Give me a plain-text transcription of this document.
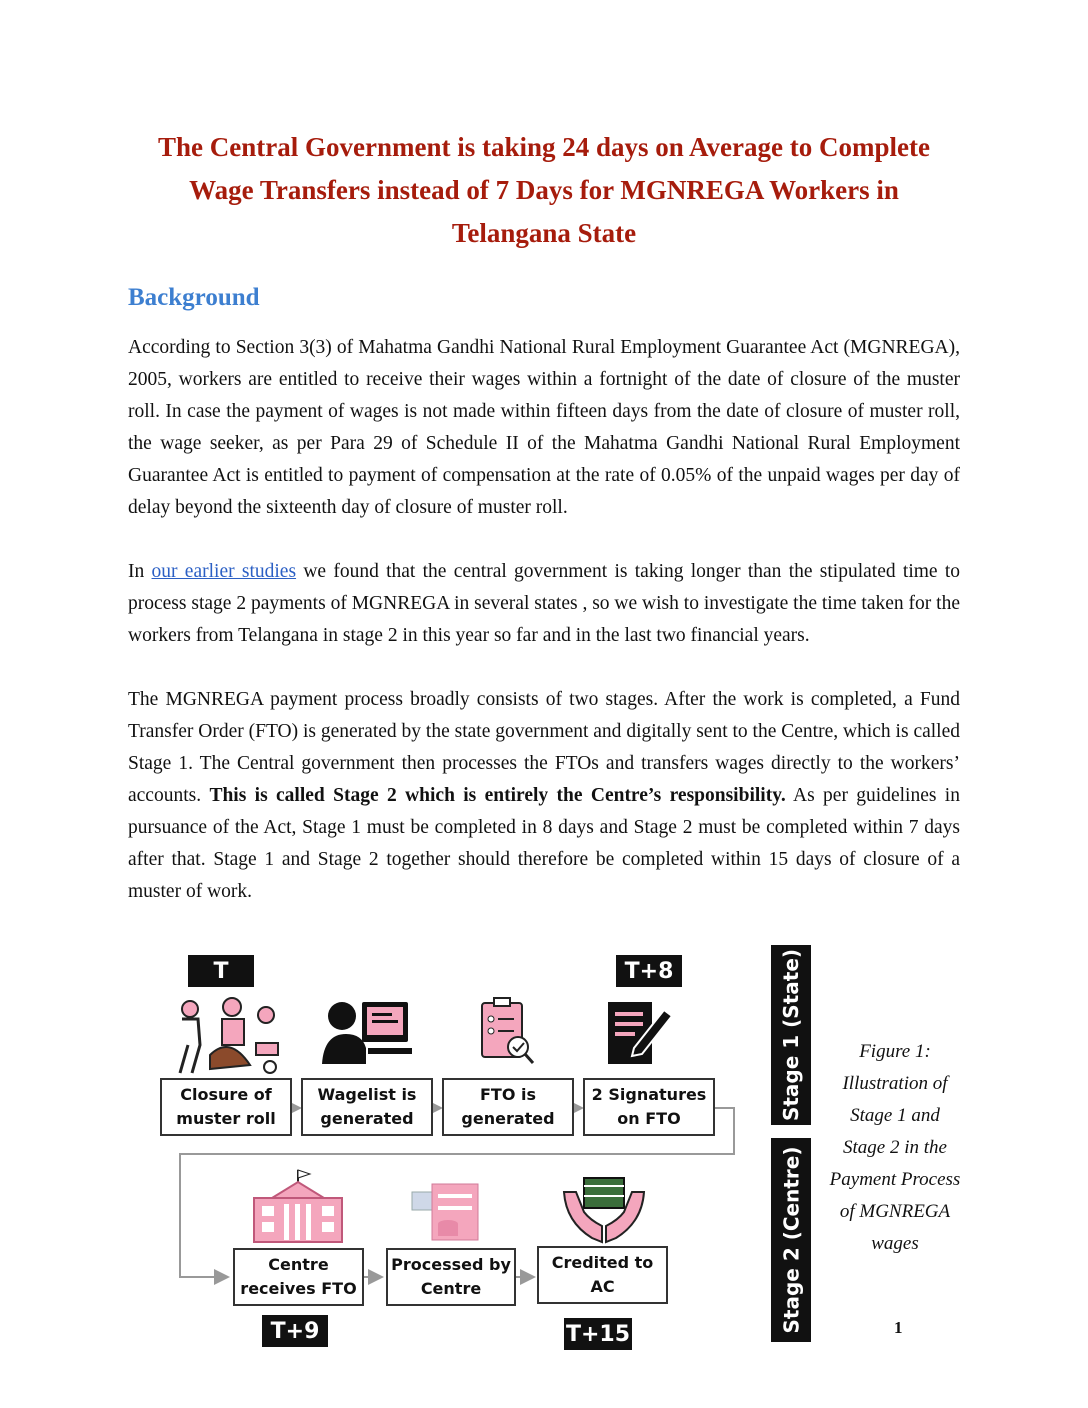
The Central Government is taking 24 days on Average to Complete Wage Transfers instead of 7 Days for MGNREGA Workers in Telangana State
Background

According to Section 3(3) of Mahatma Gandhi National Rural Employment Guarantee Act (MGNREGA), 2005, workers are entitled to receive their wages within a fortnight of the date of closure of the muster roll. In case the payment of wages is not made within fifteen days from the date of closure of muster roll, the wage seeker, as per Para 29 of Schedule II of the Mahatma Gandhi National Rural Employment Guarantee Act is entitled to payment of compensation at the rate of 0.05% of the unpaid wages per day of delay beyond the sixteenth day of closure of muster roll.

In our earlier studies we found that the central government is taking longer than the stipulated time to process stage 2 payments of MGNREGA in several states , so we wish to investigate the time taken for the workers from Telangana in stage 2 in this year so far and in the last two financial years.

The MGNREGA payment process broadly consists of two stages. After the work is completed, a Fund Transfer Order (FTO) is generated by the state government and digitally sent to the Centre, which is called Stage 1. The Central government then processes the FTOs and transfers wages directly to the workers’ accounts. This is called Stage 2 which is entirely the Centre’s responsibility. As per guidelines in pursuance of the Act, Stage 1 must be completed in 8 days and Stage 2 must be completed within 7 days after that. Stage 1 and Stage 2 together should therefore be completed within 15 days of closure of a muster of work.

T	T+8
Closure of
muster roll
Wagelist is
generated
FTO is
generated
2 Signatures
on FTO
Centre
receives FTO
Processed by
Centre
Credited to
AC
T+9	T+15
Stage 1 (State)
Stage 2 (Centre)
Figure 1:
Illustration of
Stage 1 and
Stage 2 in the
Payment Process
of MGNREGA
wages
1
